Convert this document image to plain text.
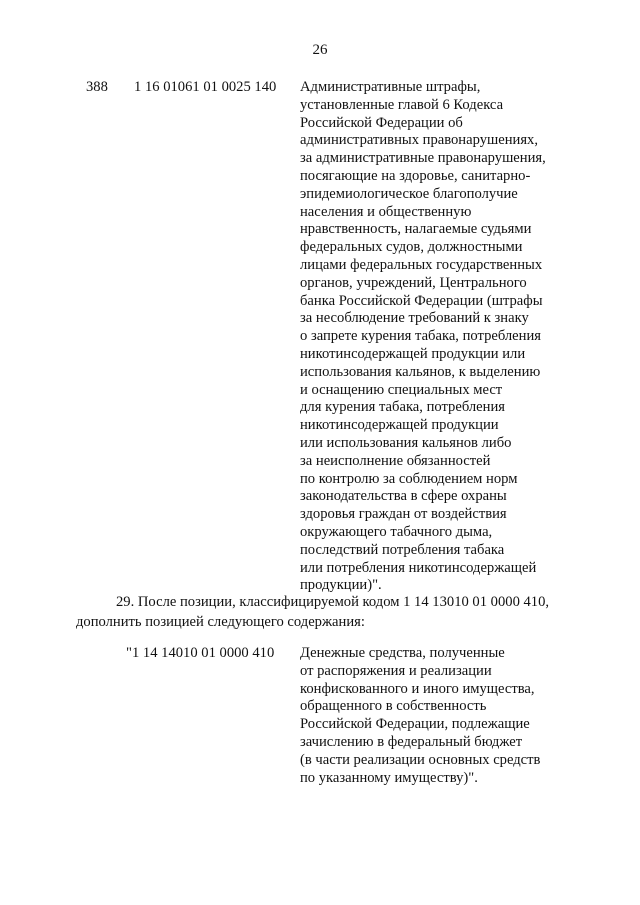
26
388 1 16 01061 01 0025 140 Административные штрафы,
установленные главой 6 Кодекса
Российской Федерации об
административных правонарушениях,
за административные правонарушения,
посягающие на здоровье, санитарно-
эпидемиологическое благополучие
населения и общественную
нравственность, налагаемые судьями
федеральных судов, должностными
лицами федеральных государственных
органов, учреждений, Центрального
банка Российской Федерации (штрафы
за несоблюдение требований к знаку
о запрете курения табака, потребления
никотинсодержащей продукции или
использования кальянов, к выделению
и оснащению специальных мест
для курения табака, потребления
никотинсодержащей продукции
или использования кальянов либо
за неисполнение обязанностей
по контролю за соблюдением норм
законодательства в сфере охраны
здоровья граждан от воздействия
окружающего табачного дыма,
последствий потребления табака
или потребления никотинсодержащей
продукции)".
29. После позиции, классифицируемой кодом 1 14 13010 01 0000 410,
дополнить позицией следующего содержания:
"1 14 14010 01 0000 410 Денежные средства, полученные
от распоряжения и реализации
конфискованного и иного имущества,
обращенного в собственность
Российской Федерации, подлежащие
зачислению в федеральный бюджет
(в части реализации основных средств
по указанному имуществу)".
